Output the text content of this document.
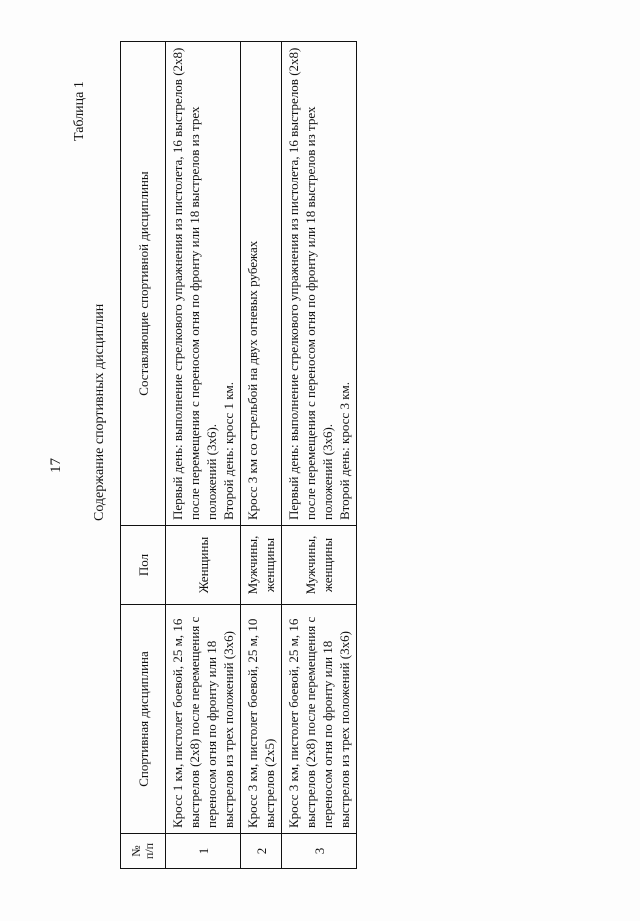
17
Таблица 1
Содержание спортивных дисциплин
№
п/п	Спортивная дисциплина	Пол	Составляющие спортивной дисциплины
1	Кросс 1 км, пистолет боевой, 25 м, 16 выстрелов (2х8) после перемещения с переносом огня по фронту или 18 выстрелов из трех положений (3х6)	Женщины	Первый день: выполнение стрелкового упражнения из пистолета, 16 выстрелов (2х8) после перемещения с переносом огня по фронту или 18 выстрелов из трех положений (3х6). Второй день: кросс 1 км.

2	Кросс 3 км, пистолет боевой, 25 м, 10 выстрелов (2х5)	Мужчины, женщины	Кросс 3 км со стрельбой на двух огневых рубежах

3	Кросс 3 км, пистолет боевой, 25 м, 16 выстрелов (2х8) после перемещения с переносом огня по фронту или 18 выстрелов из трех положений (3х6)	Мужчины, женщины	Первый день: выполнение стрелкового упражнения из пистолета, 16 выстрелов (2х8) после перемещения с переносом огня по фронту или 18 выстрелов из трех положений (3х6). Второй день: кросс 3 км.
